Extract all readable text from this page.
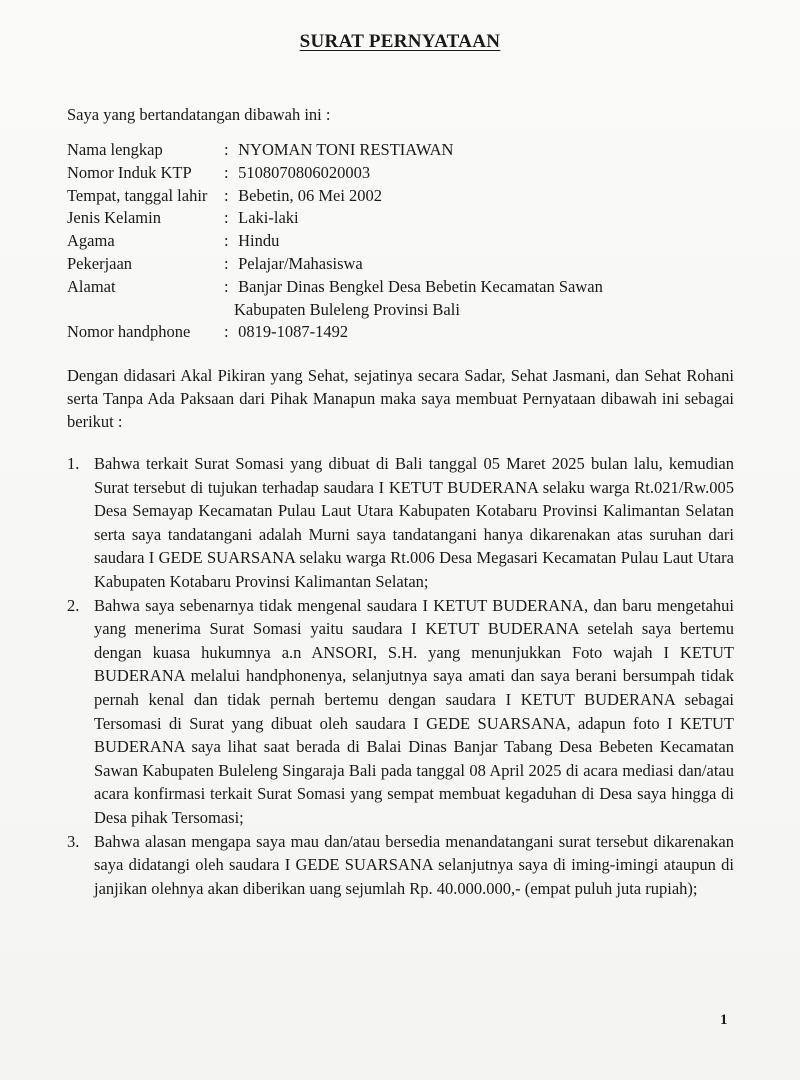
SURAT PERNYATAAN
Saya yang bertandatangan dibawah ini :
Nama lengkap	: NYOMAN TONI RESTIAWAN
Nomor Induk KTP	: 5108070806020003
Tempat, tanggal lahir	: Bebetin, 06 Mei 2002
Jenis Kelamin	: Laki-laki
Agama	: Hindu
Pekerjaan	: Pelajar/Mahasiswa
Alamat	: Banjar Dinas Bengkel Desa Bebetin Kecamatan Sawan
Kabupaten Buleleng Provinsi Bali

Nomor handphone	: 0819-1087-1492
Dengan didasari Akal Pikiran yang Sehat, sejatinya secara Sadar, Sehat Jasmani, dan Sehat Rohani serta Tanpa Ada Paksaan dari Pihak Manapun maka saya membuat Pernyataan dibawah ini sebagai berikut :
1. Bahwa terkait Surat Somasi yang dibuat di Bali tanggal 05 Maret 2025 bulan lalu, kemudian Surat tersebut di tujukan terhadap saudara I KETUT BUDERANA selaku warga Rt.021/Rw.005 Desa Semayap Kecamatan Pulau Laut Utara Kabupaten Kotabaru Provinsi Kalimantan Selatan serta saya tandatangani adalah Murni saya tandatangani hanya dikarenakan atas suruhan dari saudara I GEDE SUARSANA selaku warga Rt.006 Desa Megasari Kecamatan Pulau Laut Utara Kabupaten Kotabaru Provinsi Kalimantan Selatan;
2. Bahwa saya sebenarnya tidak mengenal saudara I KETUT BUDERANA, dan baru mengetahui yang menerima Surat Somasi yaitu saudara I KETUT BUDERANA setelah saya bertemu dengan kuasa hukumnya a.n ANSORI, S.H. yang menunjukkan Foto wajah I KETUT BUDERANA melalui handphonenya, selanjutnya saya amati dan saya berani bersumpah tidak pernah kenal dan tidak pernah bertemu dengan saudara I KETUT BUDERANA sebagai Tersomasi di Surat yang dibuat oleh saudara I GEDE SUARSANA, adapun foto I KETUT BUDERANA saya lihat saat berada di Balai Dinas Banjar Tabang Desa Bebeten Kecamatan Sawan Kabupaten Buleleng Singaraja Bali pada tanggal 08 April 2025 di acara mediasi dan/atau acara konfirmasi terkait Surat Somasi yang sempat membuat kegaduhan di Desa saya hingga di Desa pihak Tersomasi;
3. Bahwa alasan mengapa saya mau dan/atau bersedia menandatangani surat tersebut dikarenakan saya didatangi oleh saudara I GEDE SUARSANA selanjutnya saya di iming-imingi ataupun di janjikan olehnya akan diberikan uang sejumlah Rp. 40.000.000,- (empat puluh juta rupiah);
1
